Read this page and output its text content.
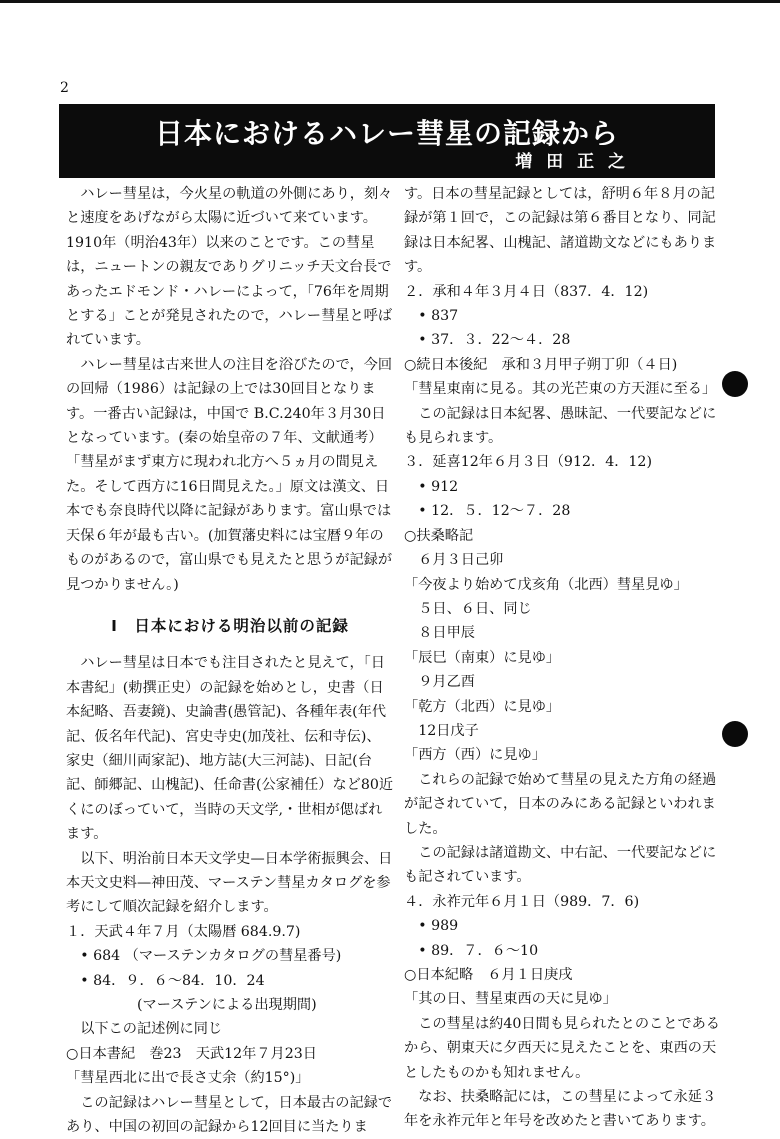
2
日本におけるハレー彗星の記録から
増 田 正 之

ハレー彗星は，今火星の軌道の外側にあり，刻々と速度をあげながら太陽に近づいて来ています。1910年（明治43年）以来のことです。この彗星は，ニュートンの親友でありグリニッチ天文台長であったエドモンド・ハレーによって，「76年を周期とする」ことが発見されたので，ハレー彗星と呼ばれています。

ハレー彗星は古来世人の注目を浴びたので，今回の回帰（1986）は記録の上では30回目となります。一番古い記録は，中国で B.C.240年３月30日となっています。(秦の始皇帝の７年、文献通考）「彗星がまず東方に現われ北方へ５ヵ月の間見えた。そして西方に16日間見えた。」原文は漢文、日本でも奈良時代以降に記録があります。富山県では天保６年が最も古い。(加賀藩史料には宝暦９年のものがあるので，富山県でも見えたと思うが記録が見つかりません。)

Ⅰ　日本における明治以前の記録

ハレー彗星は日本でも注目されたと見えて，「日本書紀」(勅撰正史）の記録を始めとし，史書（日本紀略、吾妻鏡)、史論書(愚管記)、各種年表(年代記、仮名年代記)、宮史寺史(加茂社、伝和寺伝)、家史（細川両家記)、地方誌(大三河誌)、日記(台記、師郷記、山槐記)、任命書(公家補任）など80近くにのぼっていて，当時の天文学,・世相が偲ばれます。

以下、明治前日本天文学史—日本学術振興会、日本天文史料—神田茂、マーステン彗星カタログを参考にして順次記録を紹介します。

１．天武４年７月（太陽暦 684.9.7)

• 684 （マーステンカタログの彗星番号)

• 84．９．６～84．10．24

(マーステンによる出現期間)

以下この記述例に同じ

○日本書紀　巻23　天武12年７月23日

「彗星西北に出で長さ丈余（約15°)」

この記録はハレー彗星として，日本最古の記録であり、中国の初回の記録から12回目に当たりま

す。日本の彗星記録としては，舒明６年８月の記録が第１回で，この記録は第６番目となり、同記録は日本紀畧、山槐記、諸道勘文などにもあります。

２．承和４年３月４日（837．4．12)

• 837

• 37．３．22～４．28

○続日本後紀　承和３月甲子朔丁卯（４日)

「彗星東南に見る。其の光芒東の方天涯に至る」

この記録は日本紀畧、愚昧記、一代要記などにも見られます。

３．延喜12年６月３日（912．4．12)

• 912

• 12．５．12～７．28

○扶桑略記

６月３日己卯

「今夜より始めて戊亥角（北西）彗星見ゆ」

５日、６日、同じ

８日甲辰

「辰巳（南東）に見ゆ」

９月乙酉

「乾方（北西）に見ゆ」

12日戊子

「西方（西）に見ゆ」

これらの記録で始めて彗星の見えた方角の経過が記されていて，日本のみにある記録といわれました。

この記録は諸道勘文、中右記、一代要記などにも記されています。

４．永祚元年６月１日（989．7．6)

• 989

• 89．７．６～10

○日本紀略　６月１日庚戌

「其の日、彗星東西の天に見ゆ」

この彗星は約40日間も見られたとのことであるから、朝東天に夕西天に見えたことを、東西の天としたものかも知れません。

なお、扶桑略記には，この彗星によって永延３年を永祚元年と年号を改めたと書いてあります。
